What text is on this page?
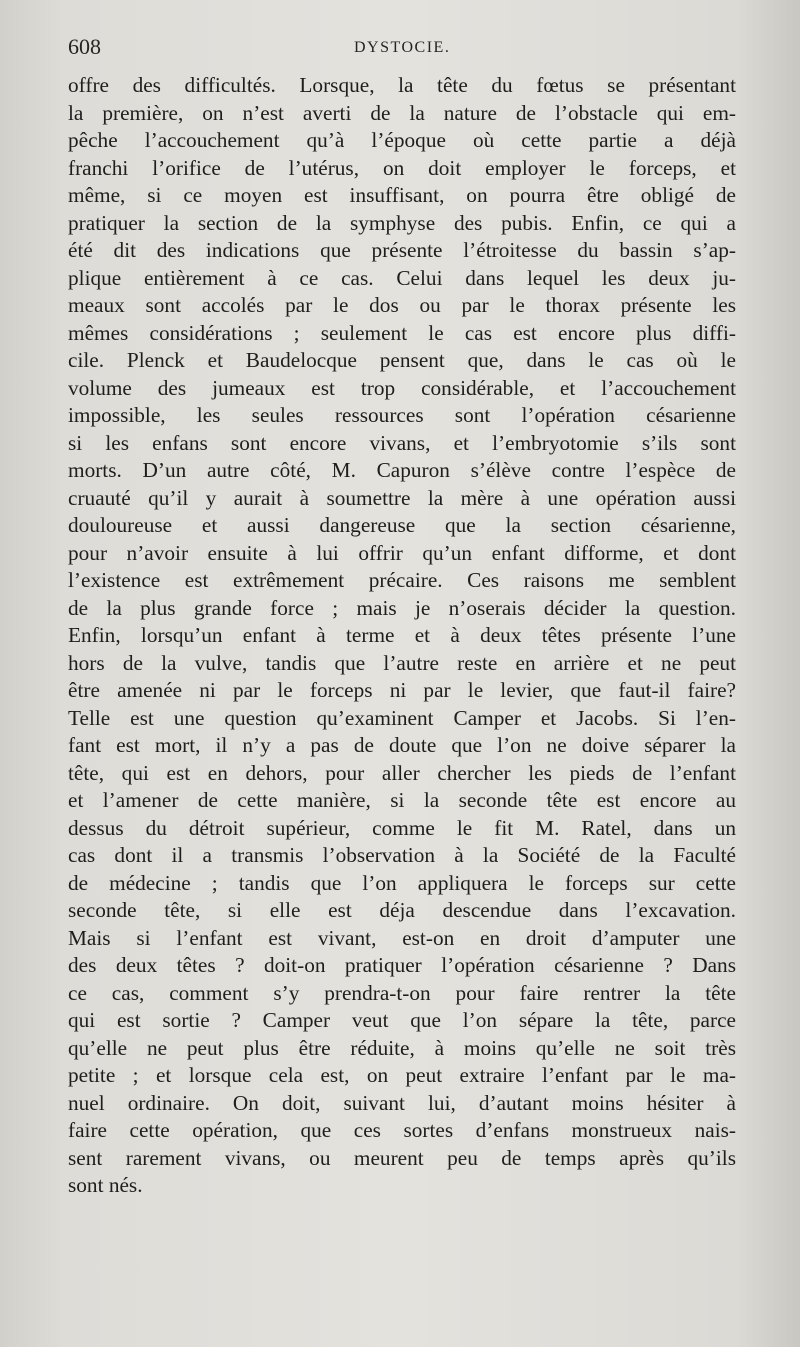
608	DYSTOCIE.
offre des difficultés. Lorsque, la tête du fœtus se présentant
la première, on n’est averti de la nature de l’obstacle qui em-
pêche l’accouchement qu’à l’époque où cette partie a déjà
franchi l’orifice de l’utérus, on doit employer le forceps, et
même, si ce moyen est insuffisant, on pourra être obligé de
pratiquer la section de la symphyse des pubis. Enfin, ce qui a
été dit des indications que présente l’étroitesse du bassin s’ap-
plique entièrement à ce cas. Celui dans lequel les deux ju-
meaux sont accolés par le dos ou par le thorax présente les
mêmes considérations ; seulement le cas est encore plus diffi-
cile. Plenck et Baudelocque pensent que, dans le cas où le
volume des jumeaux est trop considérable, et l’accouchement
impossible, les seules ressources sont l’opération césarienne
si les enfans sont encore vivans, et l’embryotomie s’ils sont
morts. D’un autre côté, M. Capuron s’élève contre l’espèce de
cruauté qu’il y aurait à soumettre la mère à une opération aussi
douloureuse et aussi dangereuse que la section césarienne,
pour n’avoir ensuite à lui offrir qu’un enfant difforme, et dont
l’existence est extrêmement précaire. Ces raisons me semblent
de la plus grande force ; mais je n’oserais décider la question.
Enfin, lorsqu’un enfant à terme et à deux têtes présente l’une
hors de la vulve, tandis que l’autre reste en arrière et ne peut
être amenée ni par le forceps ni par le levier, que faut-il faire?
Telle est une question qu’examinent Camper et Jacobs. Si l’en-
fant est mort, il n’y a pas de doute que l’on ne doive séparer la
tête, qui est en dehors, pour aller chercher les pieds de l’enfant
et l’amener de cette manière, si la seconde tête est encore au
dessus du détroit supérieur, comme le fit M. Ratel, dans un
cas dont il a transmis l’observation à la Société de la Faculté
de médecine ; tandis que l’on appliquera le forceps sur cette
seconde tête, si elle est déja descendue dans l’excavation.
Mais si l’enfant est vivant, est-on en droit d’amputer une
des deux têtes ? doit-on pratiquer l’opération césarienne ? Dans
ce cas, comment s’y prendra-t-on pour faire rentrer la tête
qui est sortie ? Camper veut que l’on sépare la tête, parce
qu’elle ne peut plus être réduite, à moins qu’elle ne soit très
petite ; et lorsque cela est, on peut extraire l’enfant par le ma-
nuel ordinaire. On doit, suivant lui, d’autant moins hésiter à
faire cette opération, que ces sortes d’enfans monstrueux nais-
sent rarement vivans, ou meurent peu de temps après qu’ils
sont nés.
